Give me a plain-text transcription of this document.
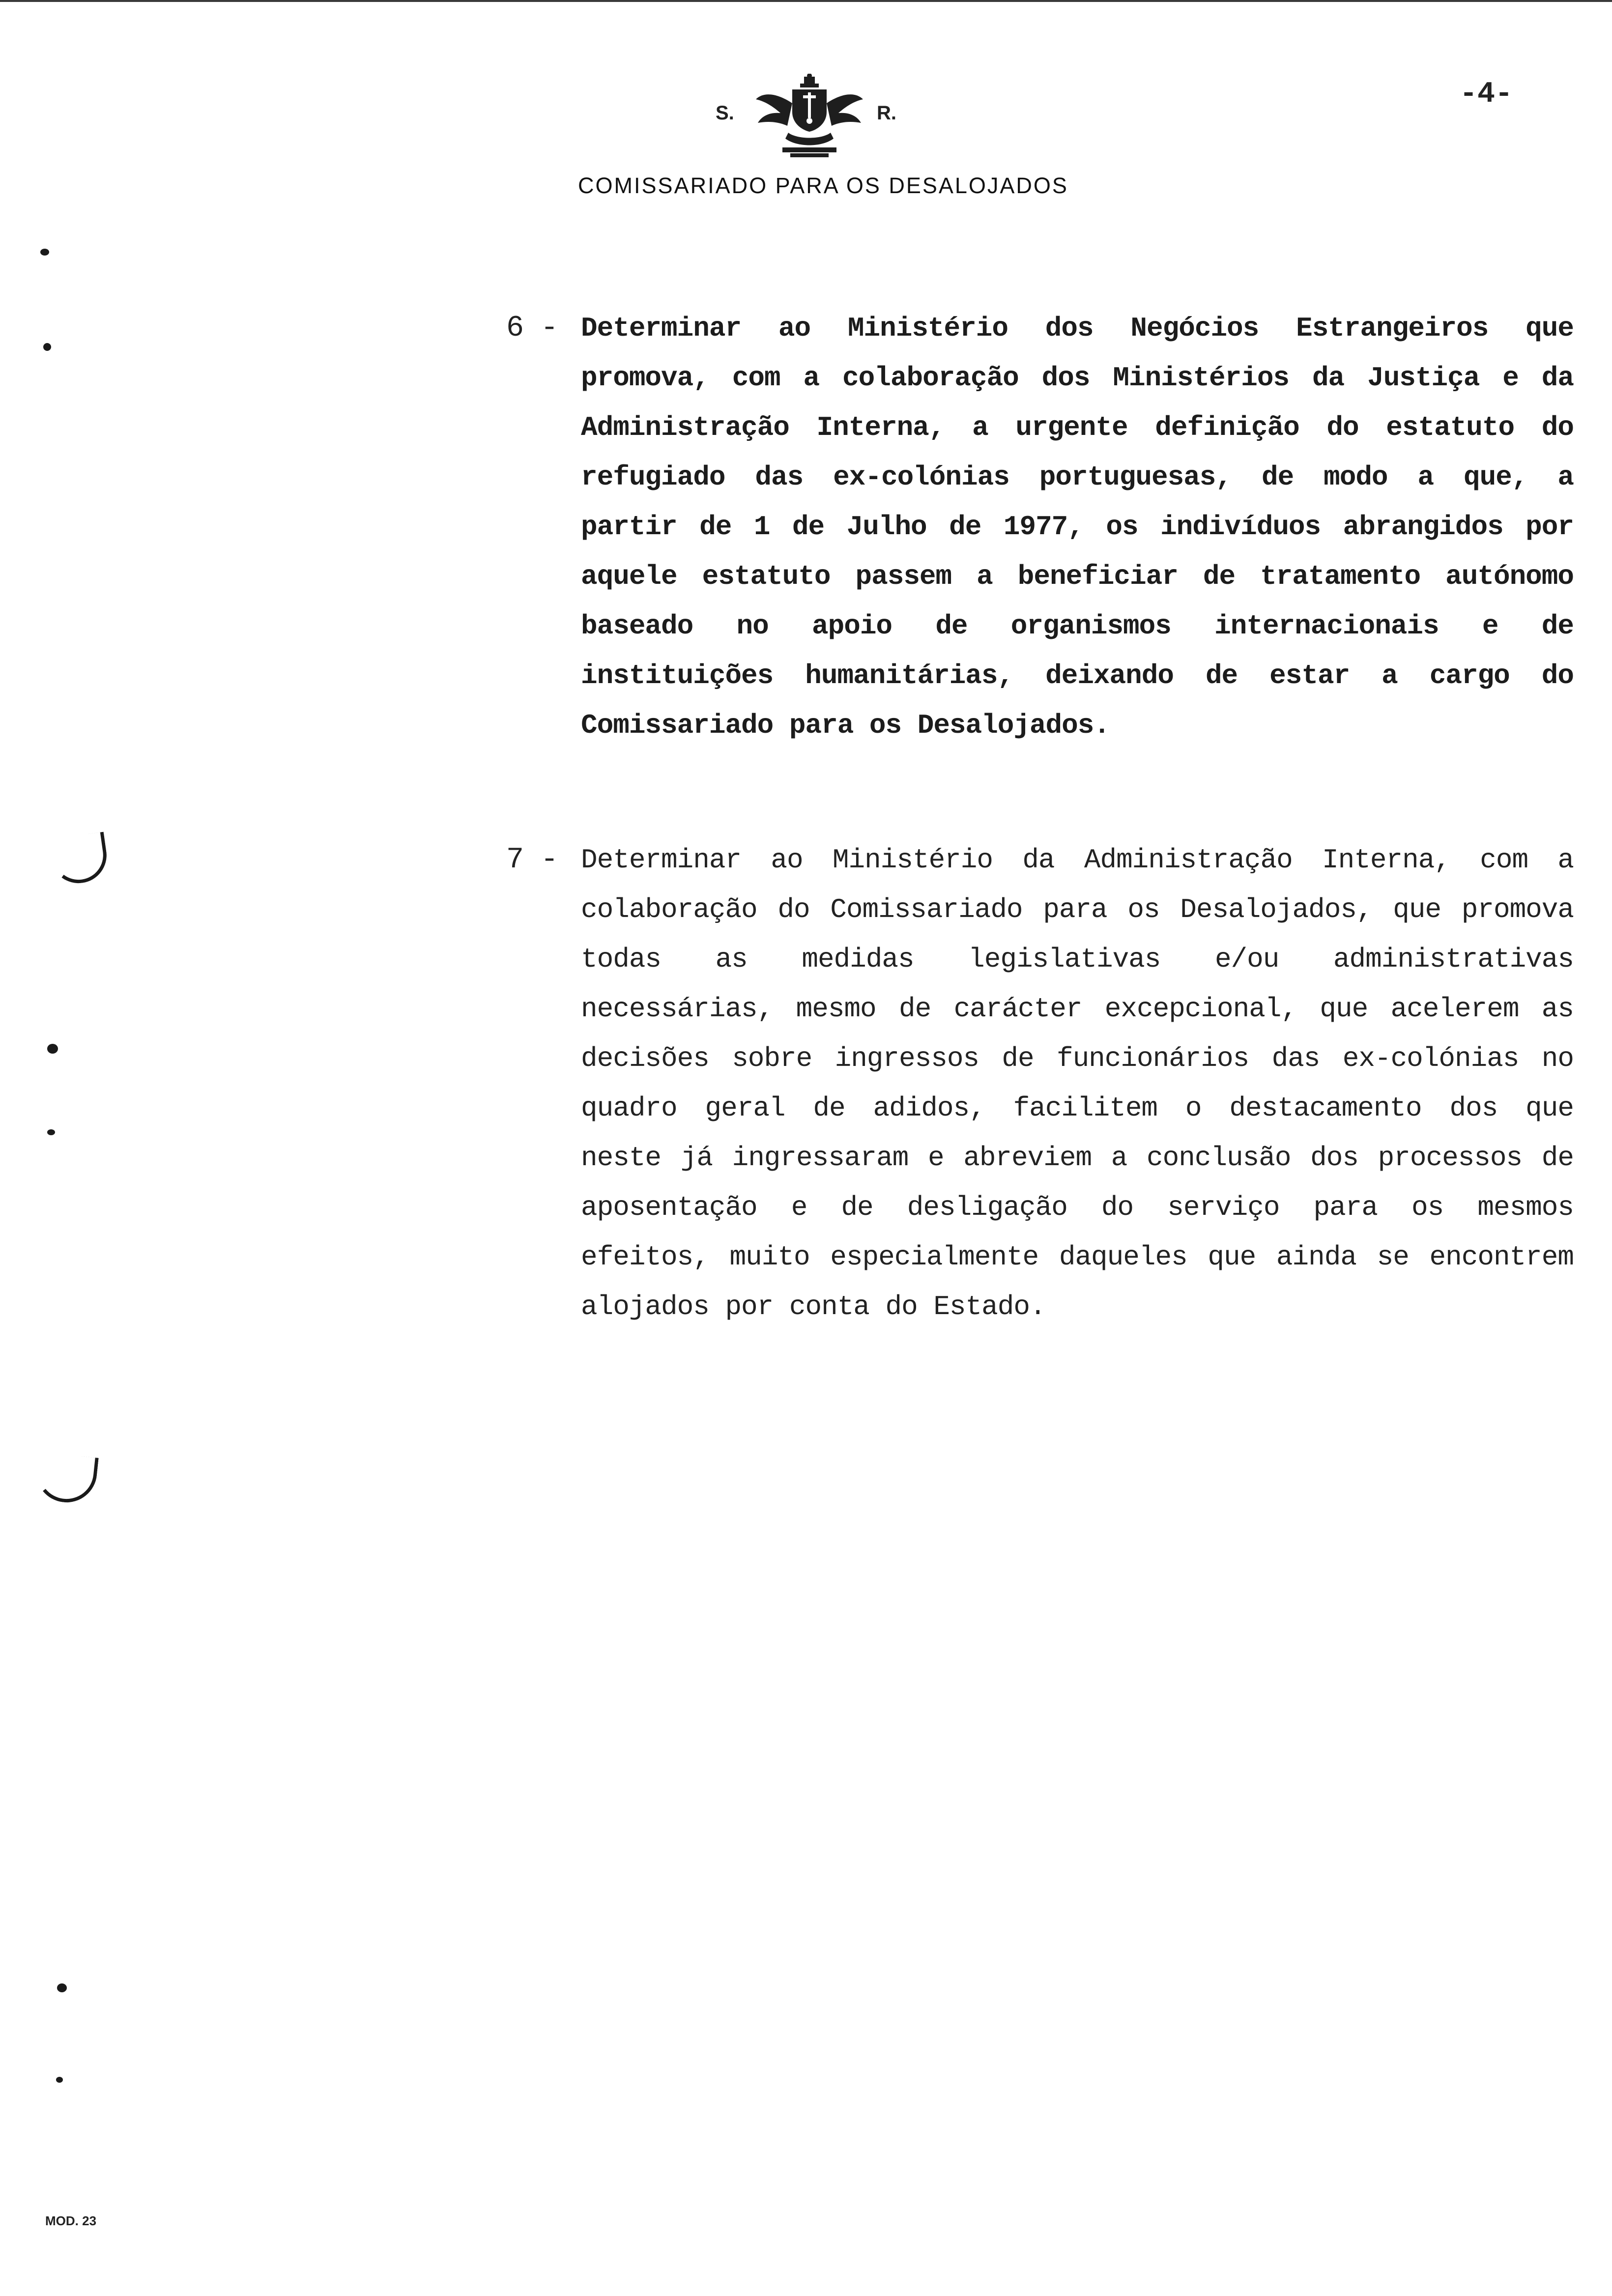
S.	R.
-4-
COMISSARIADO PARA OS DESALOJADOS
6 - Determinar ao Ministério dos Negócios Estrangeiros que promova, com a colaboração dos Ministérios da Justiça e da Administração Interna, a urgente definição do estatuto do refugiado das ex-colónias portuguesas, de modo a que, a partir de 1 de Julho de 1977, os indivíduos abrangidos por aquele estatuto passem a beneficiar de tratamento autónomo baseado no apoio de organismos internacionais e de instituições humanitárias, deixando de estar a cargo do Comissariado para os Desalojados.
7 - Determinar ao Ministério da Administração Interna, com a colaboração do Comissariado para os Desalojados, que promova todas as medidas legislativas e/ou administrativas necessárias, mesmo de carácter excepcional, que acelerem as decisões sobre ingressos de funcionários das ex-colónias no quadro geral de adidos, facilitem o destacamento dos que neste já ingressaram e abreviem a conclusão dos processos de aposentação e de desligação do serviço para os mesmos efeitos, muito especialmente daqueles que ainda se encontrem alojados por conta do Estado.
MOD. 23
